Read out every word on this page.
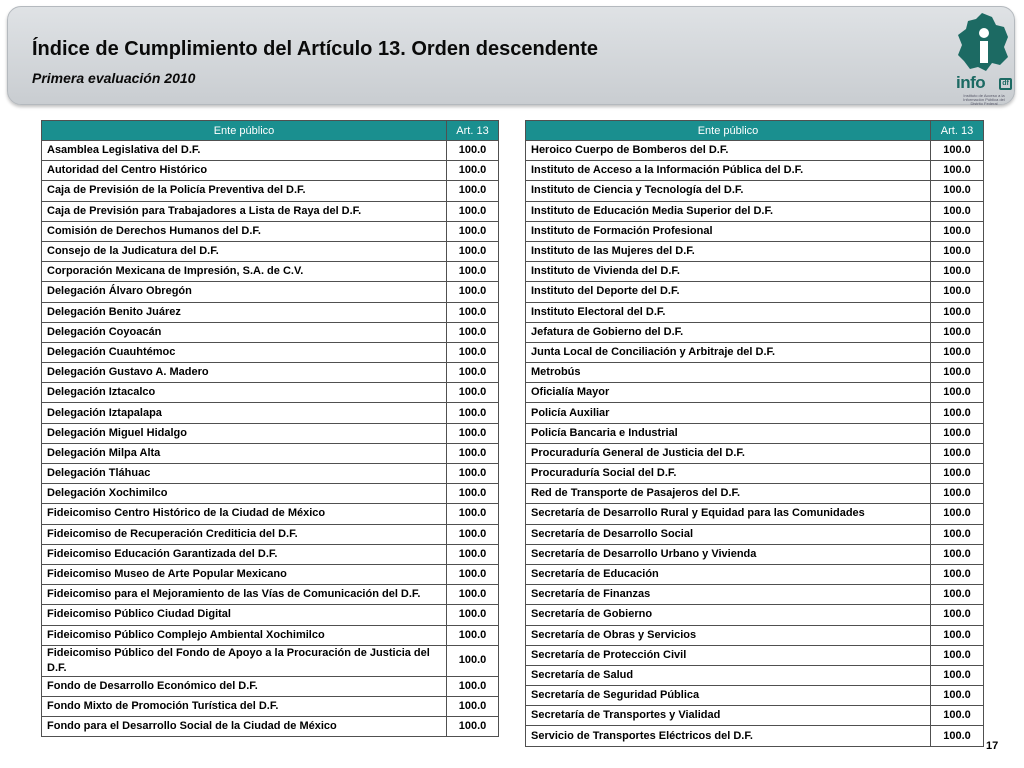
Índice de Cumplimiento del Artículo 13. Orden descendente
Primera evaluación 2010	info	df
Instituto de Acceso a la Información Pública del Distrito Federal
Ente público	Art. 13
Asamblea Legislativa del D.F.	100.0
Autoridad del Centro Histórico	100.0
Caja de Previsión de la Policía Preventiva del D.F.	100.0
Caja de Previsión para Trabajadores a Lista de Raya del D.F.	100.0
Comisión de Derechos Humanos del D.F.	100.0
Consejo de la Judicatura del D.F.	100.0
Corporación Mexicana de Impresión, S.A. de C.V.	100.0
Delegación Álvaro Obregón	100.0
Delegación Benito Juárez	100.0
Delegación Coyoacán	100.0
Delegación Cuauhtémoc	100.0
Delegación Gustavo A. Madero	100.0
Delegación Iztacalco	100.0
Delegación Iztapalapa	100.0
Delegación Miguel Hidalgo	100.0
Delegación Milpa Alta	100.0
Delegación Tláhuac	100.0
Delegación Xochimilco	100.0
Fideicomiso Centro Histórico de la Ciudad de México	100.0
Fideicomiso de Recuperación Crediticia del D.F.	100.0
Fideicomiso Educación Garantizada del D.F.	100.0
Fideicomiso Museo de Arte Popular Mexicano	100.0
Fideicomiso para el Mejoramiento de las Vías de Comunicación del D.F.	100.0
Fideicomiso Público Ciudad Digital	100.0
Fideicomiso Público Complejo Ambiental Xochimilco	100.0
Fideicomiso Público del Fondo de Apoyo a la Procuración de Justicia del D.F.	100.0
Fondo de Desarrollo Económico del D.F.	100.0
Fondo Mixto de Promoción Turística del D.F.	100.0
Fondo para el Desarrollo Social de la Ciudad de México	100.0
Ente público	Art. 13
Heroico Cuerpo de Bomberos del D.F.	100.0
Instituto de Acceso a la Información Pública del D.F.	100.0
Instituto de Ciencia y Tecnología del D.F.	100.0
Instituto de Educación Media Superior del D.F.	100.0
Instituto de Formación Profesional	100.0
Instituto de las Mujeres del D.F.	100.0
Instituto de Vivienda del D.F.	100.0
Instituto del Deporte del D.F.	100.0
Instituto Electoral del D.F.	100.0
Jefatura de Gobierno del D.F.	100.0
Junta Local de Conciliación y Arbitraje del D.F.	100.0
Metrobús	100.0
Oficialía Mayor	100.0
Policía Auxiliar	100.0
Policía Bancaria e Industrial	100.0
Procuraduría General de Justicia del D.F.	100.0
Procuraduría Social del D.F.	100.0
Red de Transporte de Pasajeros del D.F.	100.0
Secretaría de Desarrollo Rural y Equidad para las Comunidades	100.0
Secretaría de Desarrollo Social	100.0
Secretaría de Desarrollo Urbano y Vivienda	100.0
Secretaría de Educación	100.0
Secretaría de Finanzas	100.0
Secretaría de Gobierno	100.0
Secretaría de Obras y Servicios	100.0
Secretaría de Protección Civil	100.0
Secretaría de Salud	100.0
Secretaría de Seguridad Pública	100.0
Secretaría de Transportes y Vialidad	100.0
Servicio de Transportes Eléctricos del D.F.	100.0
17
